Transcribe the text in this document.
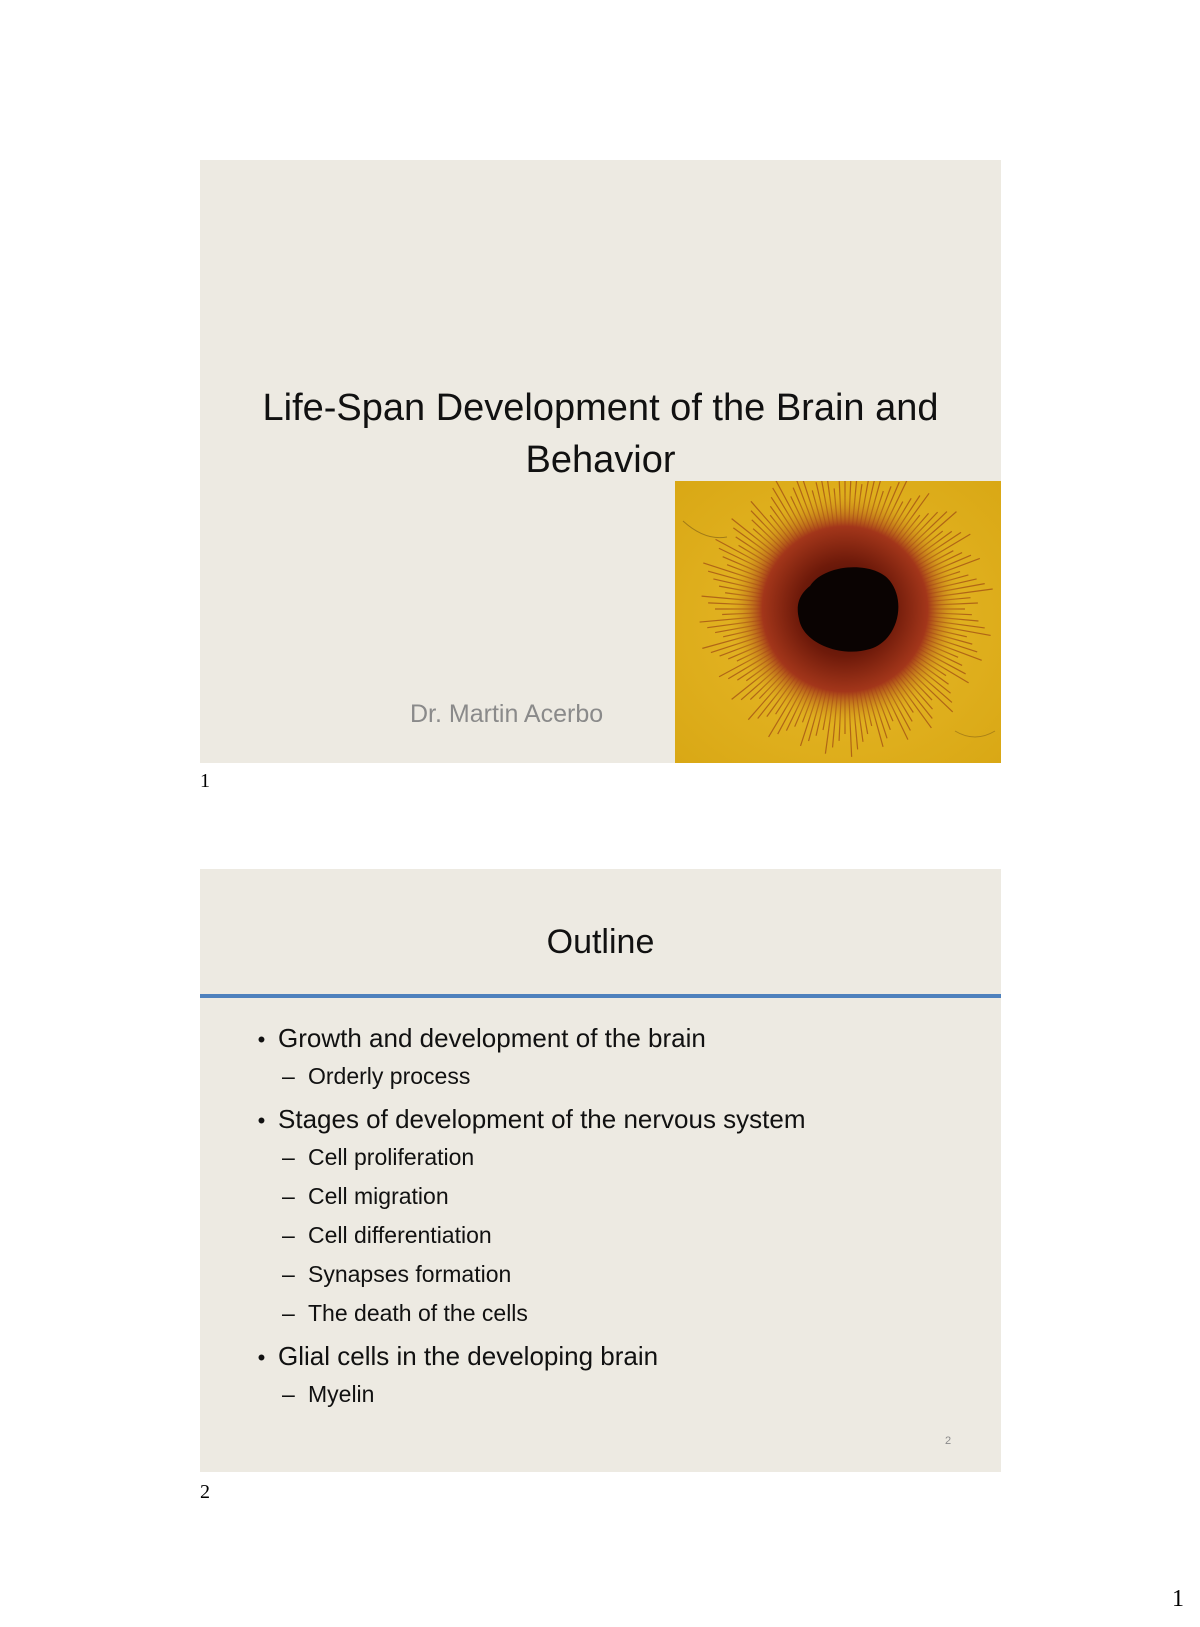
Life-Span Development of the Brain and
Behavior
Dr. Martin Acerbo
1
Outline
• Growth and development of the brain
– Orderly process
• Stages of development of the nervous system
– Cell proliferation
– Cell migration
– Cell differentiation
– Synapses formation
– The death of the cells
• Glial cells in the developing brain
– Myelin
2
2
1
